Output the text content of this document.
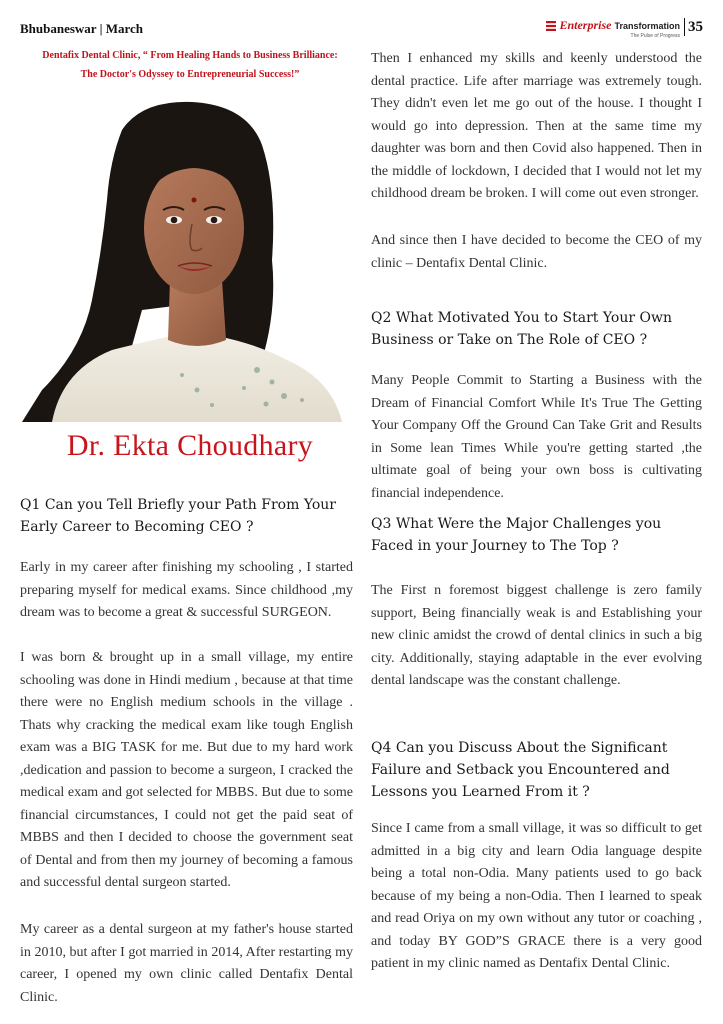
Bhubaneswar | March	Enterprise Transformation
The Pulse of Progress
35
Dentafix Dental Clinic, “ From Healing Hands to Business Brilliance:
The Doctor's Odyssey to Entrepreneurial Success!”
Dr. Ekta Choudhary
Q1 Can you Tell Briefly your Path From Your Early Career to Becoming CEO ?
Early in my career after finishing my schooling , I started preparing myself for medical exams. Since childhood ,my dream was to become a great & successful SURGEON.
I was born & brought up in a small village, my entire schooling was done in Hindi medium , because at that time there were no English medium schools in the village . Thats why cracking the medical exam like tough English exam was a BIG TASK for me. But due to my hard work ,dedication and passion to become a surgeon, I cracked the medical exam and got selected for MBBS. But due to some financial circumstances, I could not get the paid seat of MBBS and then I decided to choose the government seat of Dental and from then my journey of becoming a famous and successful dental surgeon started.
My career as a dental surgeon at my father's house started in 2010, but after I got married in 2014, After restarting my career, I opened my own clinic called Dentafix Dental Clinic.
Then I enhanced my skills and keenly understood the dental practice. Life after marriage was extremely tough. They didn't even let me go out of the house. I thought I would go into depression. Then at the same time my daughter was born and then Covid also happened. Then in the middle of lockdown, I decided that I would not let my childhood dream be broken. I will come out even stronger.
And since then I have decided to become the CEO of my clinic – Dentafix Dental Clinic.
Q2 What Motivated You to Start Your Own Business or Take on The Role of CEO ?
Many People Commit to Starting a Business with the Dream of Financial Comfort While It's True The Getting Your Company Off the Ground Can Take Grit and Results in Some lean Times While you're getting started ,the ultimate goal of being your own boss is cultivating financial independence.
Q3 What Were the Major Challenges you Faced in your Journey to The Top ?
The First n foremost biggest challenge is zero family support, Being financially weak is and Establishing your new clinic amidst the crowd of dental clinics in such a big city. Additionally, staying adaptable in the ever evolving dental landscape was the constant challenge.
Q4 Can you Discuss About the Significant Failure and Setback you Encountered and Lessons you Learned From it ?
Since I came from a small village, it was so difficult to get admitted in a big city and learn Odia language despite being a total non-Odia. Many patients used to go back because of my being a non-Odia. Then I learned to speak and read Oriya on my own without any tutor or coaching , and today BY GOD”S GRACE there is a very good patient in my clinic named as Dentafix Dental Clinic.
